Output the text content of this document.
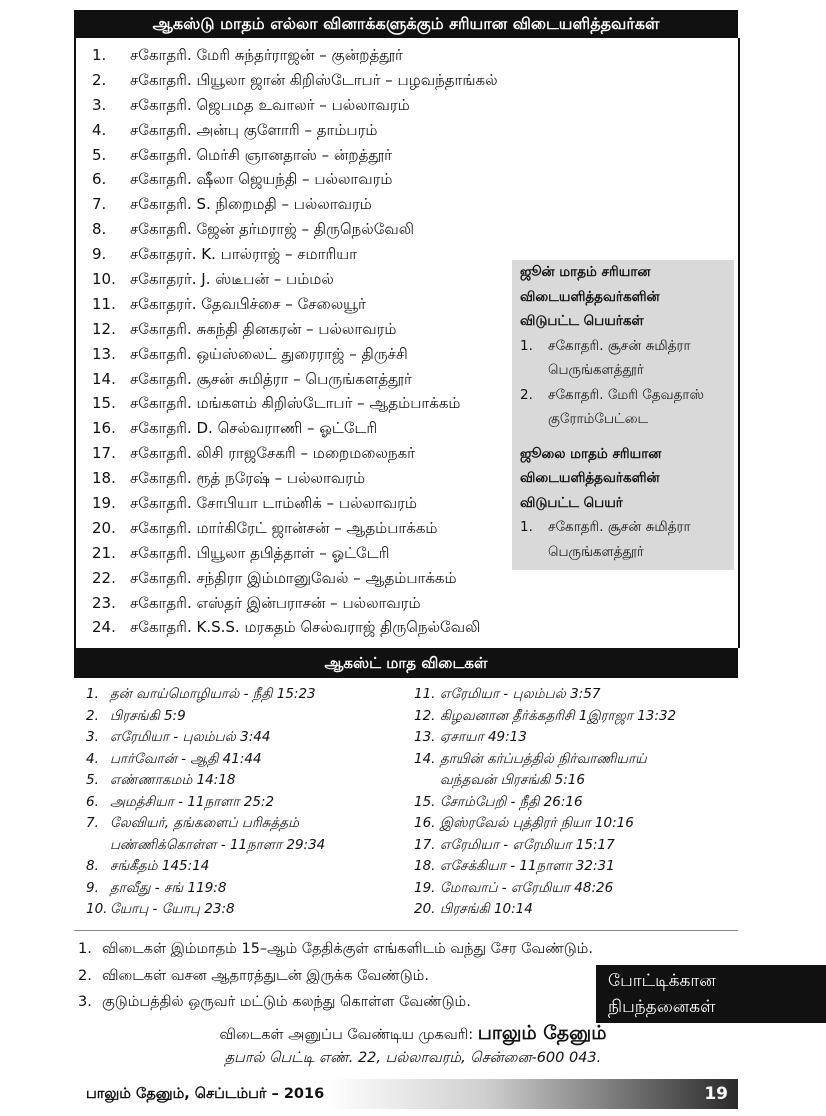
ஆகஸ்டு மாதம் எல்லா வினாக்களுக்கும் சரியான விடையளித்தவர்கள்
1. சகோதரி. மேரி சுந்தர்ராஜன் – குன்றத்தூர்
2. சகோதரி. பியூலா ஜான் கிறிஸ்டோபர் – பழவந்தாங்கல்
3. சகோதரி. ஜெபமத உவாலர் – பல்லாவரம்
4. சகோதரி. அன்பு குளோரி – தாம்பரம்
5. சகோதரி. மெர்சி ஞானதாஸ் – ன்றத்தூர்
6. சகோதரி. ஷீலா ஜெயந்தி – பல்லாவரம்
7. சகோதரி. S. நிறைமதி – பல்லாவரம்
8. சகோதரி. ஜேன் தர்மராஜ் – திருநெல்வேலி
9. சகோதரர். K. பால்ராஜ் – சமாரியா
10. சகோதரர். J. ஸ்டீபன் – பம்மல்
11. சகோதரர். தேவபிச்சை – சேலையூர்
12. சகோதரி. சுகந்தி தினகரன் – பல்லாவரம்
13. சகோதரி. ஒய்ஸ்லைட் துரைராஜ் – திருச்சி
14. சகோதரி. சூசன் சுமித்ரா – பெருங்களத்தூர்
15. சகோதரி. மங்களம் கிறிஸ்டோபர் – ஆதம்பாக்கம்
16. சகோதரி. D. செல்வராணி – ஓட்டேரி
17. சகோதரி. லிசி ராஜசேகரி – மறைமலைநகர்
18. சகோதரி. ரூத் நரேஷ் – பல்லாவரம்
19. சகோதரி. சோபியா டாம்னிக் – பல்லாவரம்
20. சகோதரி. மார்கிரேட் ஜான்சன் – ஆதம்பாக்கம்
21. சகோதரி. பியூலா தபித்தாள் – ஓட்டேரி
22. சகோதரி. சந்திரா இம்மானுவேல் – ஆதம்பாக்கம்
23. சகோதரி. எஸ்தர் இன்பராசன் – பல்லாவரம்
24. சகோதரி. K.S.S. மரகதம் செல்வராஜ் திருநெல்வேலி
ஜூன் மாதம் சரியான
விடையளித்தவர்களின்
விடுபட்ட பெயர்கள்
1.	சகோதரி. சூசன் சுமித்ரா
பெருங்களத்தூர்
2.	சகோதரி. மேரி தேவதாஸ்
குரோம்பேட்டை
ஜூலை மாதம் சரியான
விடையளித்தவர்களின்
விடுபட்ட பெயர்
1.	சகோதரி. சூசன் சுமித்ரா
பெருங்களத்தூர்
ஆகஸ்ட் மாத விடைகள்
1. தன் வாய்மொழியால் - நீதி 15:23
2. பிரசங்கி 5:9
3. எரேமியா - புலம்பல் 3:44
4. பார்வோன் - ஆதி 41:44
5. எண்ணாகமம் 14:18
6. அமத்சியா - 11நாளா 25:2
7. லேவியர், தங்களைப் பரிசுத்தம்
பண்ணிக்கொள்ள - 11நாளா 29:34
8. சங்கீதம் 145:14
9. தாவீது - சங் 119:8
10. யோபு - யோபு 23:8
11. எரேமியா - புலம்பல் 3:57
12. கிழவனான தீர்க்கதரிசி 1இராஜா 13:32
13. ஏசாயா 49:13
14. தாயின் கர்ப்பத்தில் நிர்வாணியாய்
வந்தவன் பிரசங்கி 5:16
15. சோம்பேறி - நீதி 26:16
16. இஸ்ரவேல் புத்திரர் நியா 10:16
17. எரேமியா - எரேமியா 15:17
18. எசேக்கியா - 11நாளா 32:31
19. மோவாப் - எரேமியா 48:26
20. பிரசங்கி 10:14
1. விடைகள் இம்மாதம் 15–ஆம் தேதிக்குள் எங்களிடம் வந்து சேர வேண்டும்.
2. விடைகள் வசன ஆதாரத்துடன் இருக்க வேண்டும்.
3. குடும்பத்தில் ஒருவர் மட்டும் கலந்து கொள்ள வேண்டும்.
போட்டிக்கான
நிபந்தனைகள்
விடைகள் அனுப்ப வேண்டிய முகவரி: பாலும் தேனும்
தபால் பெட்டி எண். 22, பல்லாவரம், சென்னை-600 043.
பாலும் தேனும், செப்டம்பர் – 2016	19
